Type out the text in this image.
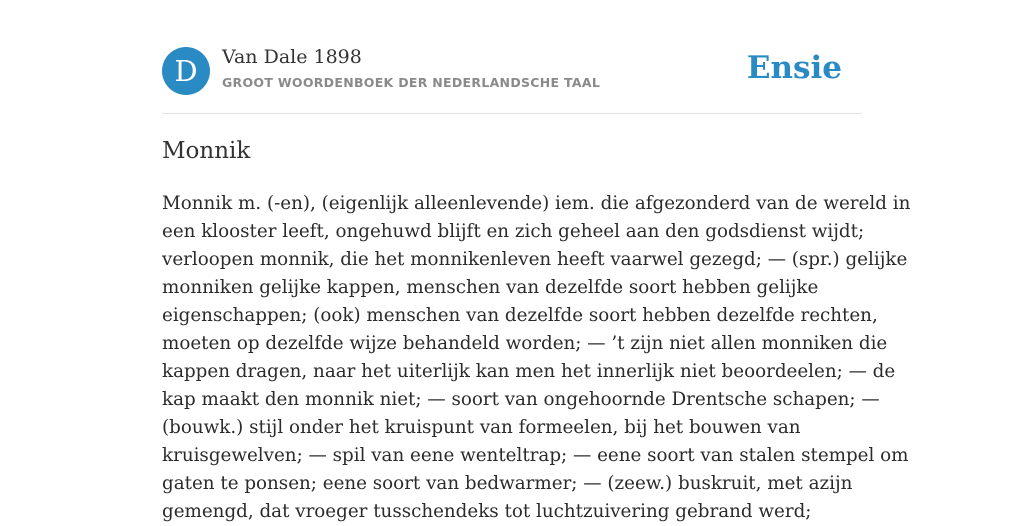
D	Van Dale 1898
GROOT WOORDENBOEK DER NEDERLANDSCHE TAAL	Ensie
Monnik
Monnik m. (-en), (eigenlijk alleenlevende) iem. die afgezonderd van de wereld in
een klooster leeft, ongehuwd blijft en zich geheel aan den godsdienst wijdt;
verloopen monnik, die het monnikenleven heeft vaarwel gezegd; — (spr.) gelijke
monniken gelijke kappen, menschen van dezelfde soort hebben gelijke
eigenschappen; (ook) menschen van dezelfde soort hebben dezelfde rechten,
moeten op dezelfde wijze behandeld worden; — ’t zijn niet allen monniken die
kappen dragen, naar het uiterlijk kan men het innerlijk niet beoordeelen; — de
kap maakt den monnik niet; — soort van ongehoornde Drentsche schapen; —
(bouwk.) stijl onder het kruispunt van formeelen, bij het bouwen van
kruisgewelven; — spil van eene wenteltrap; — eene soort van stalen stempel om
gaten te ponsen; eene soort van bedwarmer; — (zeew.) buskruit, met azijn
gemengd, dat vroeger tusschendeks tot luchtzuivering gebrand werd;
